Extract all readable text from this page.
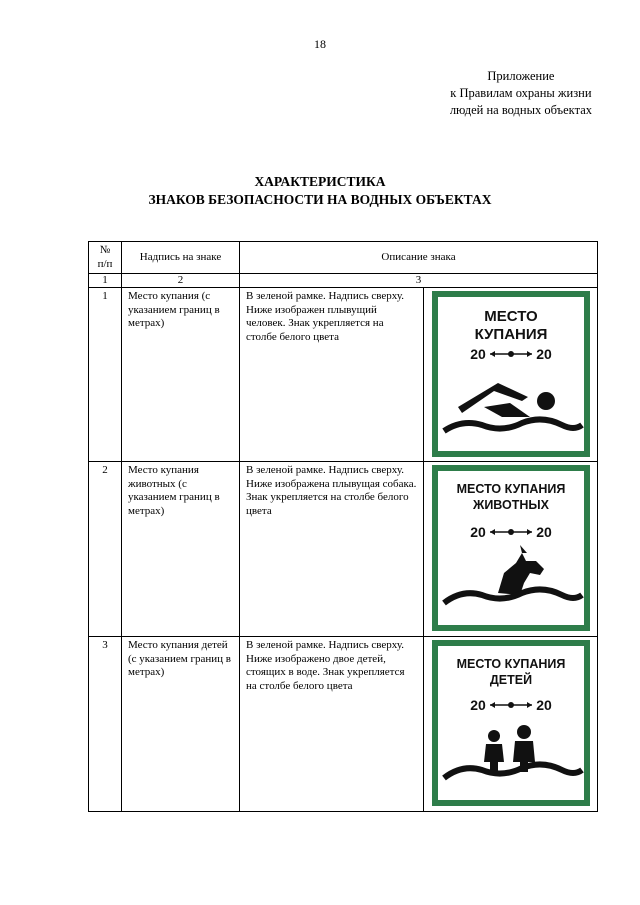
18
Приложение
к Правилам охраны жизни
людей на водных объектах
ХАРАКТЕРИСТИКА
ЗНАКОВ БЕЗОПАСНОСТИ НА ВОДНЫХ ОБЪЕКТАХ
№
п/п	Надпись на знаке	Описание знака	
1	2	3	
1	Место купания (с указанием границ в метрах)	В зеленой рамке. Надпись сверху. Ниже изображен плывущий человек. Знак укрепляется на столбе белого цвета	МЕСТО
КУПАНИЯ
20 20

2	Место купания животных (с указанием границ в метрах)	В зеленой рамке. Надпись сверху. Ниже изображена плывущая собака. Знак укрепляется на столбе белого цвета	МЕСТО КУПАНИЯ
ЖИВОТНЫХ
20 20

3	Место купания детей (с указанием границ в метрах)	В зеленой рамке. Надпись сверху. Ниже изображено двое детей, стоящих в воде. Знак укрепляется на столбе белого цвета	МЕСТО КУПАНИЯ
ДЕТЕЙ
20 20
